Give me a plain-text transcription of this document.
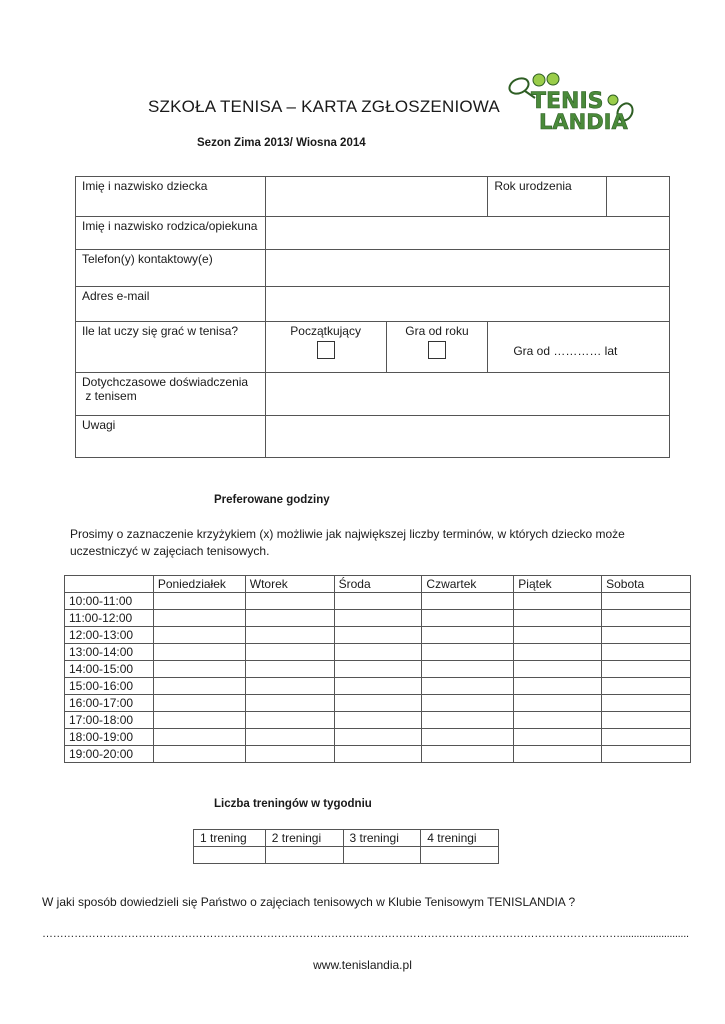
SZKOŁA TENISA – KARTA ZGŁOSZENIOWA TENIS
LANDIA
Sezon Zima 2013/ Wiosna 2014
Imię i nazwisko dziecka			Rok urodzenia	
Imię i nazwisko rodzica/opiekuna				
Telefon(y) kontaktowy(e)				
Adres e-mail				
Ile lat uczy się grać w tenisa?	Początkujący	Gra od roku	Gra od ………… lat	

Dotychczasowe doświadczenia
z tenisem				

Uwagi				
Preferowane godziny
Prosimy o zaznaczenie krzyżykiem (x) możliwie jak największej liczby terminów, w których dziecko może uczestniczyć w zajęciach tenisowych.
	Poniedziałek	Wtorek	Środa	Czwartek	Piątek	Sobota
10:00-11:00						
11:00-12:00						
12:00-13:00						
13:00-14:00						
14:00-15:00						
15:00-16:00						
16:00-17:00						
17:00-18:00						
18:00-19:00						
19:00-20:00						
Liczba treningów w tygodniu
1 trening	2 treningi	3 treningi	4 treningi

W jaki sposób dowiedzieli się Państwo o zajęciach tenisowych w Klubie Tenisowym TENISLANDIA ?
……………………………………………………………………………………………………………………………………………….........................
www.tenislandia.pl
